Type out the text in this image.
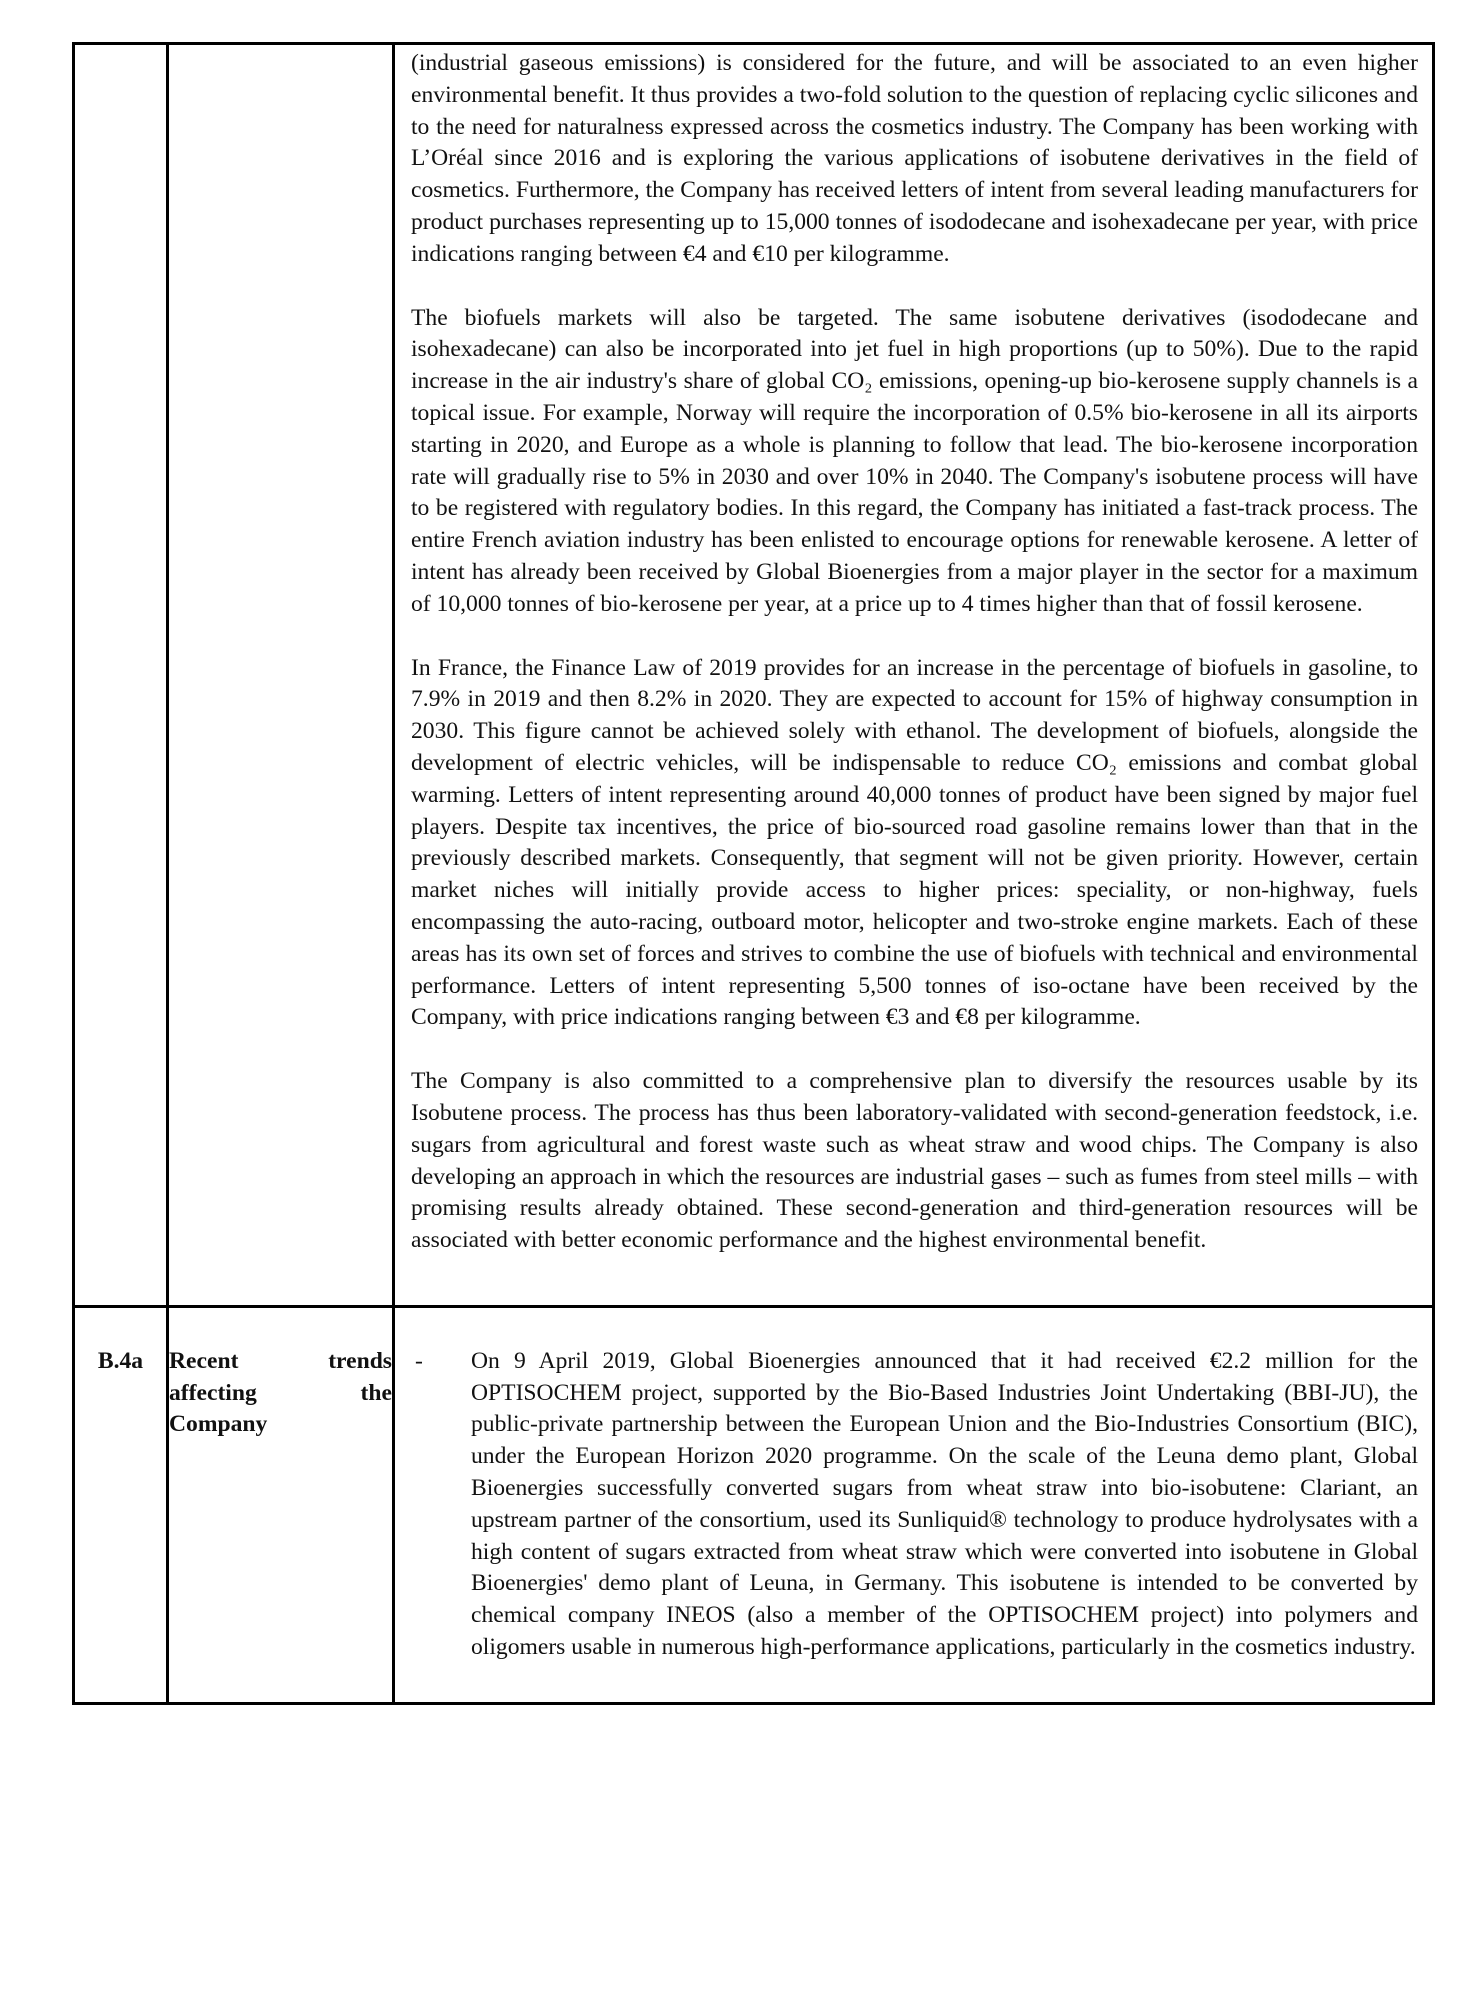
		(industrial gaseous emissions) is considered for the future, and will be associated to an even higher environmental benefit. It thus provides a two-fold solution to the question of replacing cyclic silicones and to the need for naturalness expressed across the cosmetics industry. The Company has been working with L’Oréal since 2016 and is exploring the various applications of isobutene derivatives in the field of cosmetics. Furthermore, the Company has received letters of intent from several leading manufacturers for product purchases representing up to 15,000 tonnes of isododecane and isohexadecane per year, with price indications ranging between €4 and €10 per kilogramme.

The biofuels markets will also be targeted. The same isobutene derivatives (isododecane and isohexadecane) can also be incorporated into jet fuel in high proportions (up to 50%). Due to the rapid increase in the air industry's share of global CO₂ emissions, opening-up bio-kerosene supply channels is a topical issue. For example, Norway will require the incorporation of 0.5% bio-kerosene in all its airports starting in 2020, and Europe as a whole is planning to follow that lead. The bio-kerosene incorporation rate will gradually rise to 5% in 2030 and over 10% in 2040. The Company's isobutene process will have to be registered with regulatory bodies. In this regard, the Company has initiated a fast-track process. The entire French aviation industry has been enlisted to encourage options for renewable kerosene. A letter of intent has already been received by Global Bioenergies from a major player in the sector for a maximum of 10,000 tonnes of bio-kerosene per year, at a price up to 4 times higher than that of fossil kerosene.

In France, the Finance Law of 2019 provides for an increase in the percentage of biofuels in gasoline, to 7.9% in 2019 and then 8.2% in 2020. They are expected to account for 15% of highway consumption in 2030. This figure cannot be achieved solely with ethanol. The development of biofuels, alongside the development of electric vehicles, will be indispensable to reduce CO₂ emissions and combat global warming. Letters of intent representing around 40,000 tonnes of product have been signed by major fuel players. Despite tax incentives, the price of bio-sourced road gasoline remains lower than that in the previously described markets. Consequently, that segment will not be given priority. However, certain market niches will initially provide access to higher prices: speciality, or non-highway, fuels encompassing the auto-racing, outboard motor, helicopter and two-stroke engine markets. Each of these areas has its own set of forces and strives to combine the use of biofuels with technical and environmental performance. Letters of intent representing 5,500 tonnes of iso-octane have been received by the Company, with price indications ranging between €3 and €8 per kilogramme.

The Company is also committed to a comprehensive plan to diversify the resources usable by its Isobutene process. The process has thus been laboratory-validated with second-generation feedstock, i.e. sugars from agricultural and forest waste such as wheat straw and wood chips. The Company is also developing an approach in which the resources are industrial gases – such as fumes from steel mills – with promising results already obtained. These second-generation and third-generation resources will be associated with better economic performance and the highest environmental benefit.

B.4a	Recent trends affecting the Company	- On 9 April 2019, Global Bioenergies announced that it had received €2.2 million for the OPTISOCHEM project, supported by the Bio-Based Industries Joint Undertaking (BBI-JU), the public-private partnership between the European Union and the Bio-Industries Consortium (BIC), under the European Horizon 2020 programme. On the scale of the Leuna demo plant, Global Bioenergies successfully converted sugars from wheat straw into bio-isobutene: Clariant, an upstream partner of the consortium, used its Sunliquid® technology to produce hydrolysates with a high content of sugars extracted from wheat straw which were converted into isobutene in Global Bioenergies' demo plant of Leuna, in Germany. This isobutene is intended to be converted by chemical company INEOS (also a member of the OPTISOCHEM project) into polymers and oligomers usable in numerous high-performance applications, particularly in the cosmetics industry.
